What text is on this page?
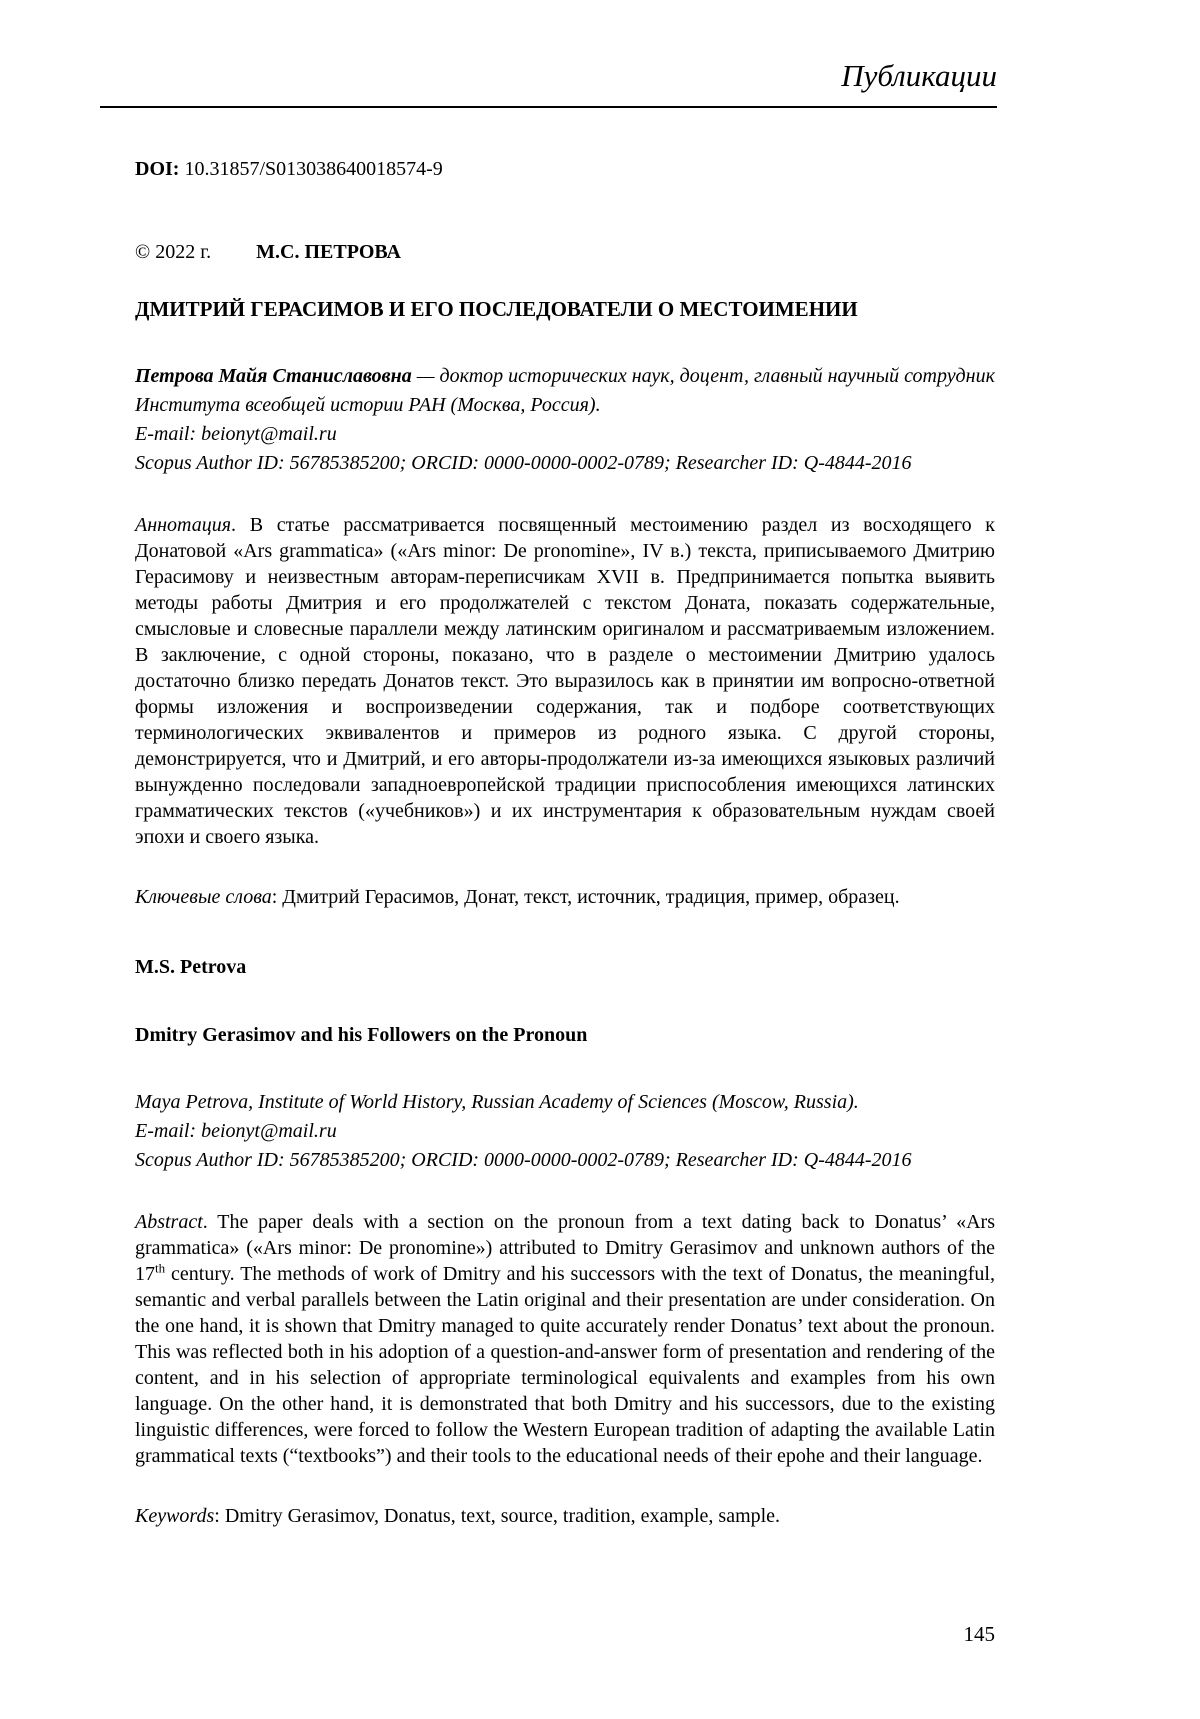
Публикации

DOI: 10.31857/S013038640018574-9

© 2022 г. М.С. ПЕТРОВА

ДМИТРИЙ ГЕРАСИМОВ И ЕГО ПОСЛЕДОВАТЕЛИ О МЕСТОИМЕНИИ
Петрова Майя Станиславовна — доктор исторических наук, доцент, главный научный сотрудник Института всеобщей истории РАН (Москва, Россия).
E-mail: beionyt@mail.ru
Scopus Author ID: 56785385200; ORCID: 0000-0000-0002-0789; Researcher ID: Q-4844-2016

Аннотация. В статье рассматривается посвященный местоимению раздел из восходящего к Донатовой «Ars grammatica» («Ars minor: De pronomine», IV в.) текста, приписываемого Дмитрию Герасимову и неизвестным авторам-переписчикам XVII в. Предпринимается попытка выявить методы работы Дмитрия и его продолжателей с текстом Доната, показать содержательные, смысловые и словесные параллели между латинским оригиналом и рассматриваемым изложением. В заключение, с одной стороны, показано, что в разделе о местоимении Дмитрию удалось достаточно близко передать Донатов текст. Это выразилось как в принятии им вопросно-ответной формы изложения и воспроизведении содержания, так и подборе соответствующих терминологических эквивалентов и примеров из родного языка. С другой стороны, демонстрируется, что и Дмитрий, и его авторы-продолжатели из-за имеющихся языковых различий вынужденно последовали западноевропейской традиции приспособления имеющихся латинских грамматических текстов («учебников») и их инструментария к образовательным нуждам своей эпохи и своего языка.

Ключевые слова: Дмитрий Герасимов, Донат, текст, источник, традиция, пример, образец.

M.S. Petrova

Dmitry Gerasimov and his Followers on the Pronoun
Maya Petrova, Institute of World History, Russian Academy of Sciences (Moscow, Russia).
E-mail: beionyt@mail.ru
Scopus Author ID: 56785385200; ORCID: 0000-0000-0002-0789; Researcher ID: Q-4844-2016

Abstract. The paper deals with a section on the pronoun from a text dating back to Donatus’ «Ars grammatica» («Ars minor: De pronomine») attributed to Dmitry Gerasimov and unknown authors of the 17th century. The methods of work of Dmitry and his successors with the text of Donatus, the meaningful, semantic and verbal parallels between the Latin original and their presentation are under consideration. On the one hand, it is shown that Dmitry managed to quite accurately render Donatus’ text about the pronoun. This was reflected both in his adoption of a question-and-answer form of presentation and rendering of the content, and in his selection of appropriate terminological equivalents and examples from his own language. On the other hand, it is demonstrated that both Dmitry and his successors, due to the existing linguistic differences, were forced to follow the Western European tradition of adapting the available Latin grammatical texts (“textbooks”) and their tools to the educational needs of their epohe and their language.

Keywords: Dmitry Gerasimov, Donatus, text, source, tradition, example, sample.

145
